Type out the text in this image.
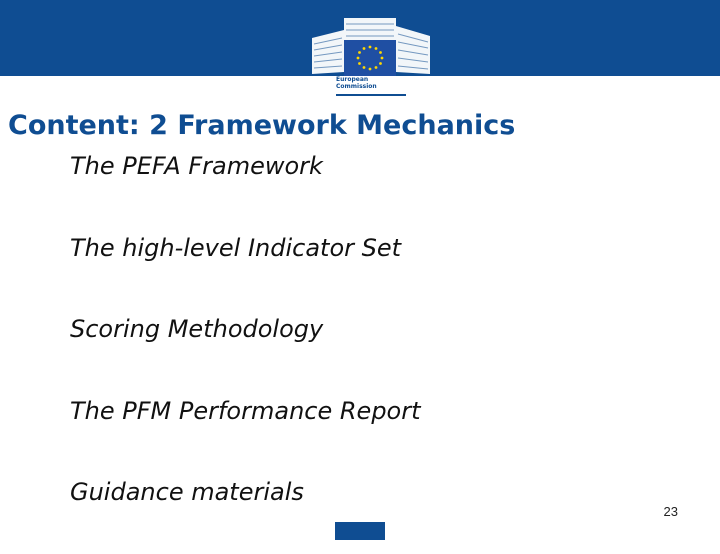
European
Commission
Content: 2 Framework Mechanics
The PEFA Framework
The high-level Indicator Set
Scoring Methodology
The PFM Performance Report
Guidance materials
23
